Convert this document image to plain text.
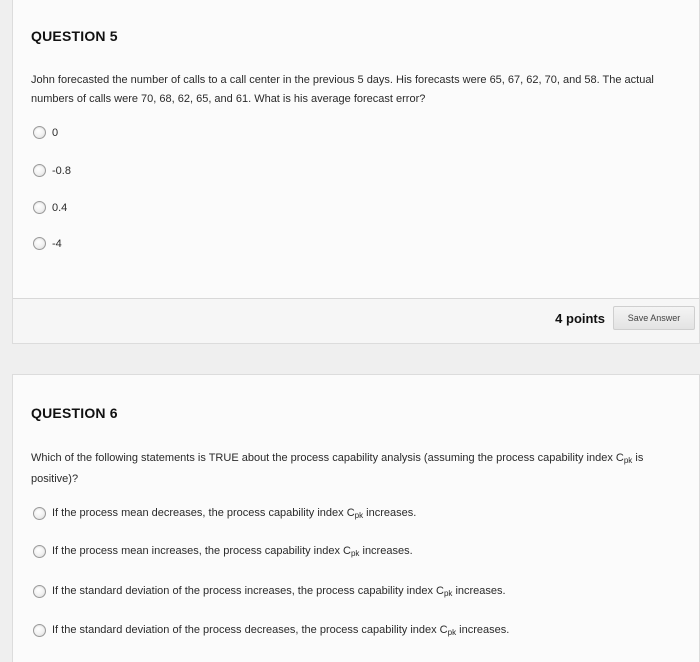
QUESTION 5
John forecasted the number of calls to a call center in the previous 5 days. His forecasts were 65, 67, 62, 70, and 58. The actual numbers of calls were 70, 68, 62, 65, and 61. What is his average forecast error?
0
-0.8
0.4
-4
4 points	Save Answer
QUESTION 6
Which of the following statements is TRUE about the process capability analysis (assuming the process capability index $C_{pk}$ is positive)?
If the process mean decreases, the process capability index $C_{pk}$ increases.
If the process mean increases, the process capability index $C_{pk}$ increases.
If the standard deviation of the process increases, the process capability index $C_{pk}$ increases.
If the standard deviation of the process decreases, the process capability index $C_{pk}$ increases.
